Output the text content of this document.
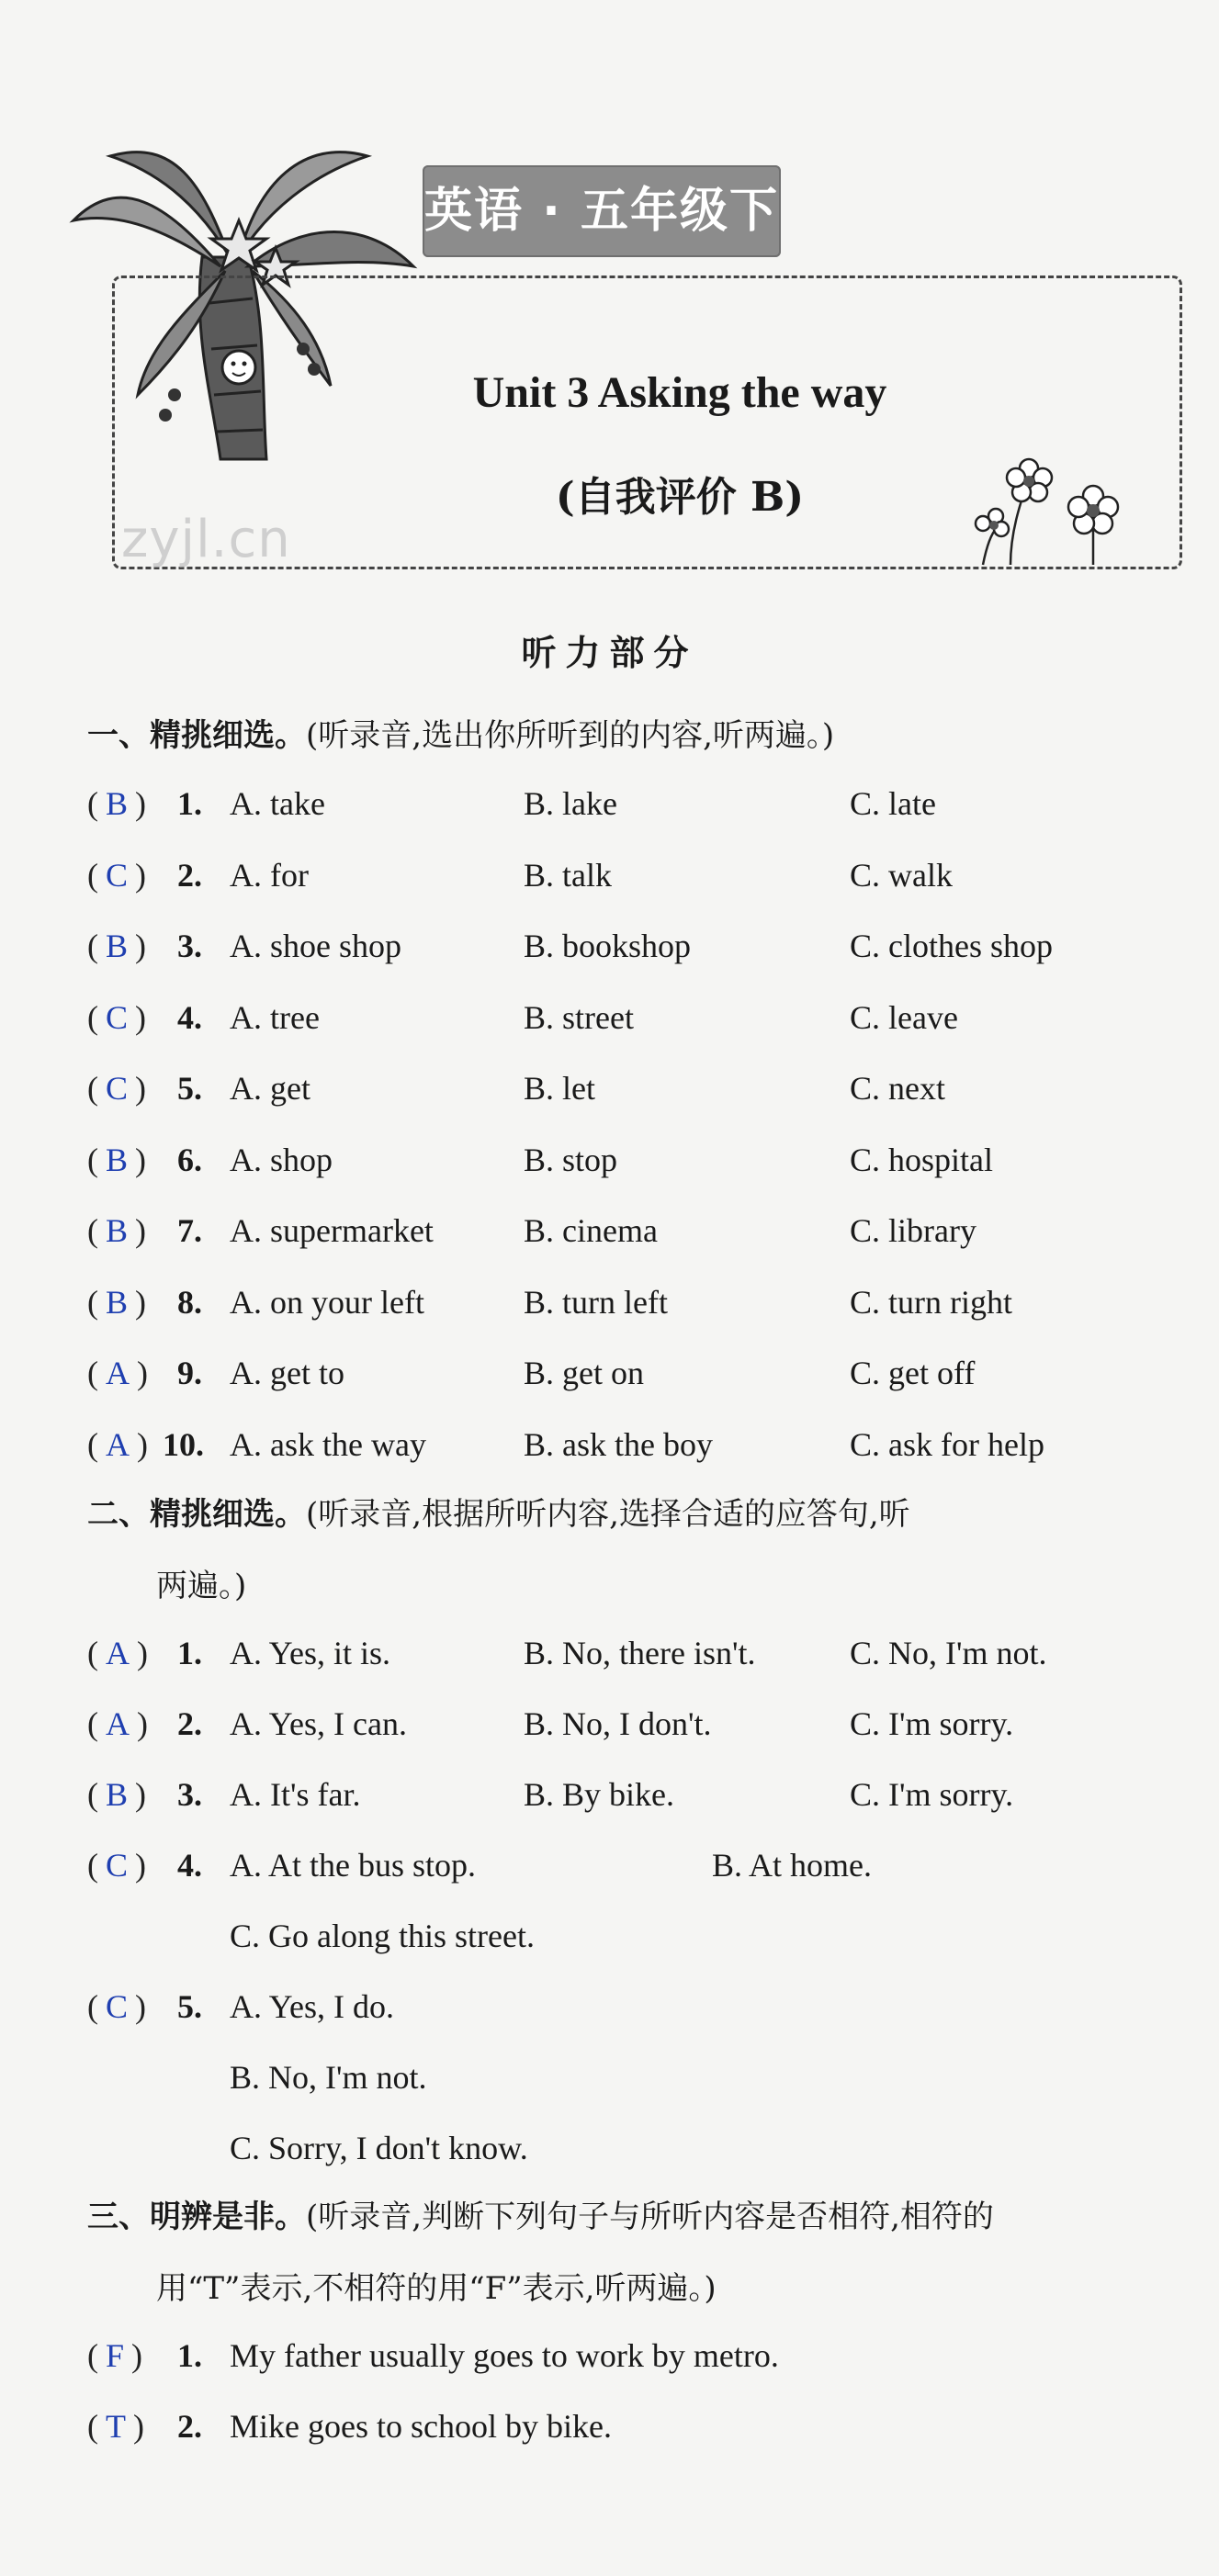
英语 · 五年级下
Unit 3 Asking the way
(自我评价 B)
zyjl.cn
听力部分
一、精挑细选。(听录音,选出你所听到的内容,听两遍。)
( B ) 1. A. take	B. lake	C. late
( C ) 2. A. for	B. talk	C. walk
( B ) 3. A. shoe shop	B. bookshop	C. clothes shop
( C ) 4. A. tree	B. street	C. leave
( C ) 5. A. get	B. let	C. next
( B ) 6. A. shop	B. stop	C. hospital
( B ) 7. A. supermarket	B. cinema	C. library
( B ) 8. A. on your left	B. turn left	C. turn right
( A ) 9. A. get to	B. get on	C. get off
( A ) 10. A. ask the way	B. ask the boy	C. ask for help
二、精挑细选。(听录音,根据所听内容,选择合适的应答句,听
两遍。)
( A ) 1. A. Yes, it is.	B. No, there isn't.	C. No, I'm not.
( A ) 2. A. Yes, I can.	B. No, I don't.	C. I'm sorry.
( B ) 3. A. It's far.	B. By bike.	C. I'm sorry.
( C ) 4. A. At the bus stop.	B. At home.
C. Go along this street.
( C ) 5. A. Yes, I do.
B. No, I'm not.
C. Sorry, I don't know.
三、明辨是非。(听录音,判断下列句子与所听内容是否相符,相符的
用“T”表示,不相符的用“F”表示,听两遍。)
( F )	1. My father usually goes to work by metro.
( T )	2. Mike goes to school by bike.
